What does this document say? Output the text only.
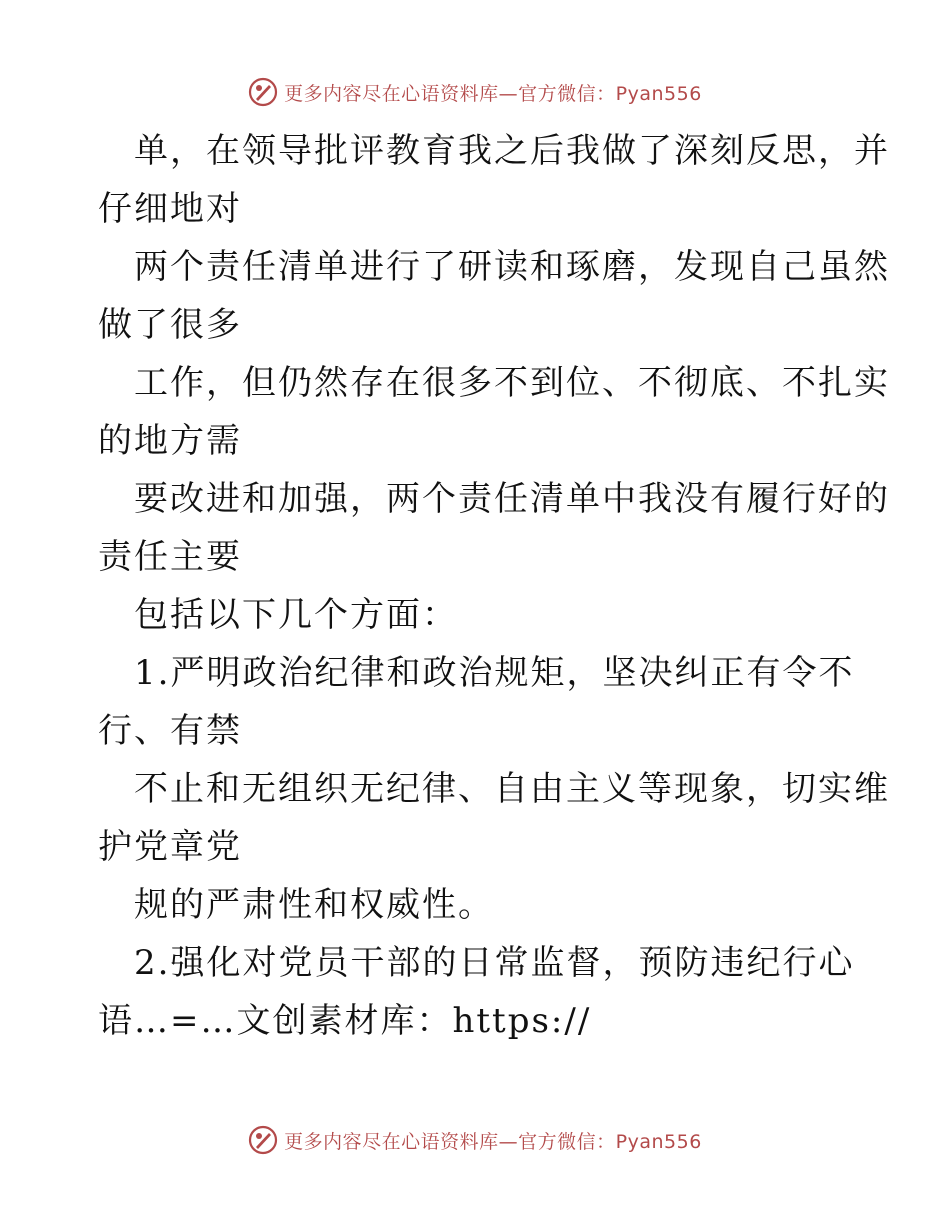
更多内容尽在心语资料库—官方微信：Pyan556
单，在领导批评教育我之后我做了深刻反思，并
仔细地对
两个责任清单进行了研读和琢磨，发现自己虽然
做了很多
工作，但仍然存在很多不到位、不彻底、不扎实
的地方需
要改进和加强，两个责任清单中我没有履行好的
责任主要
包括以下几个方面：
1.严明政治纪律和政治规矩，坚决纠正有令不
行、有禁
不止和无组织无纪律、自由主义等现象，切实维
护党章党
规的严肃性和权威性。
2.强化对党员干部的日常监督，预防违纪行心
语…=…文创素材库：https://
更多内容尽在心语资料库—官方微信：Pyan556
